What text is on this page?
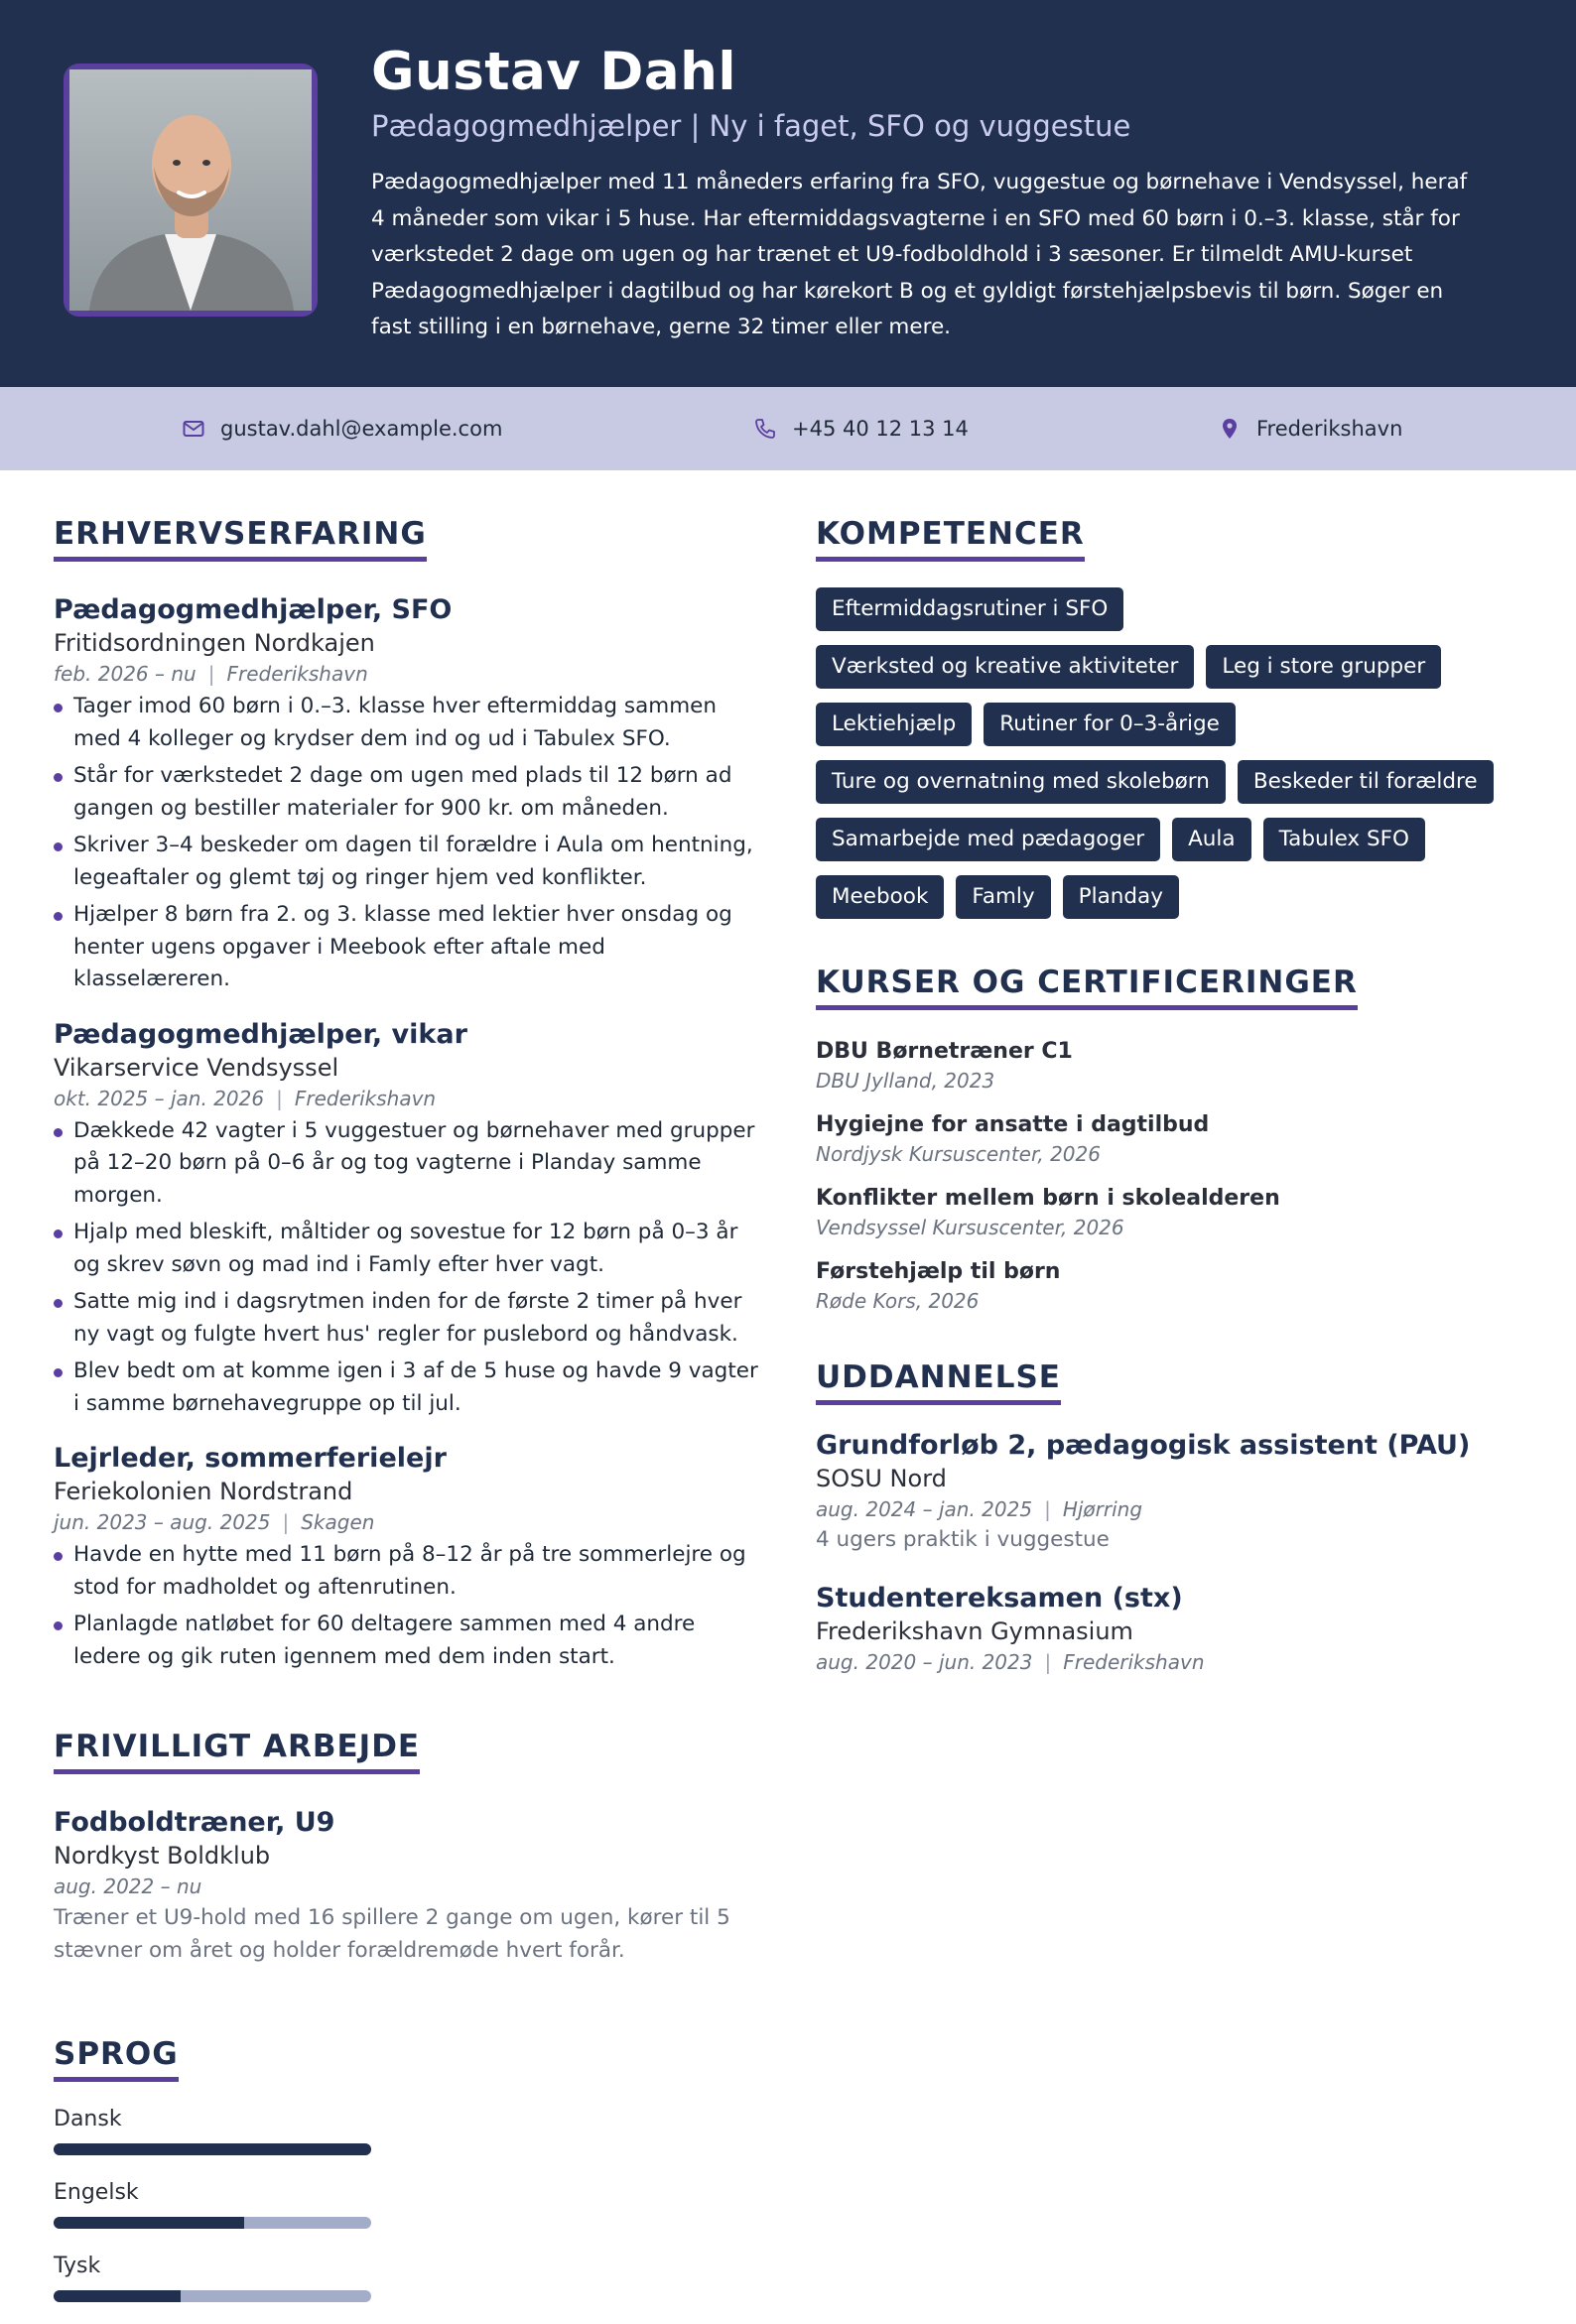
Gustav Dahl
Pædagogmedhjælper | Ny i faget, SFO og vuggestue
Pædagogmedhjælper med 11 måneders erfaring fra SFO, vuggestue og børnehave i Vendsyssel, heraf 4 måneder som vikar i 5 huse. Har eftermiddagsvagterne i en SFO med 60 børn i 0.–3. klasse, står for værkstedet 2 dage om ugen og har trænet et U9-fodboldhold i 3 sæsoner. Er tilmeldt AMU-kurset Pædagogmedhjælper i dagtilbud og har kørekort B og et gyldigt førstehjælpsbevis til børn. Søger en fast stilling i en børnehave, gerne 32 timer eller mere.
gustav.dahl@example.com	+45 40 12 13 14	Frederikshavn
ERHVERVSERFARING
Pædagogmedhjælper, SFO
Fritidsordningen Nordkajen
feb. 2026 – nu | Frederikshavn
Tager imod 60 børn i 0.–3. klasse hver eftermiddag sammen med 4 kolleger og krydser dem ind og ud i Tabulex SFO.
Står for værkstedet 2 dage om ugen med plads til 12 børn ad gangen og bestiller materialer for 900 kr. om måneden.
Skriver 3–4 beskeder om dagen til forældre i Aula om hentning, legeaftaler og glemt tøj og ringer hjem ved konflikter.
Hjælper 8 børn fra 2. og 3. klasse med lektier hver onsdag og henter ugens opgaver i Meebook efter aftale med klasselæreren.
Pædagogmedhjælper, vikar
Vikarservice Vendsyssel
okt. 2025 – jan. 2026 | Frederikshavn
Dækkede 42 vagter i 5 vuggestuer og børnehaver med grupper på 12–20 børn på 0–6 år og tog vagterne i Planday samme morgen.
Hjalp med bleskift, måltider og sovestue for 12 børn på 0–3 år og skrev søvn og mad ind i Famly efter hver vagt.
Satte mig ind i dagsrytmen inden for de første 2 timer på hver ny vagt og fulgte hvert hus' regler for puslebord og håndvask.
Blev bedt om at komme igen i 3 af de 5 huse og havde 9 vagter i samme børnehavegruppe op til jul.
Lejrleder, sommerferielejr
Feriekolonien Nordstrand
jun. 2023 – aug. 2025 | Skagen
Havde en hytte med 11 børn på 8–12 år på tre sommerlejre og stod for madholdet og aftenrutinen.
Planlagde natløbet for 60 deltagere sammen med 4 andre ledere og gik ruten igennem med dem inden start.
FRIVILLIGT ARBEJDE
Fodboldtræner, U9
Nordkyst Boldklub
aug. 2022 – nu
Træner et U9-hold med 16 spillere 2 gange om ugen, kører til 5 stævner om året og holder forældremøde hvert forår.
SPROG
Dansk
Engelsk
Tysk
KOMPETENCER
Eftermiddagsrutiner i SFO
Værksted og kreative aktiviteter	Leg i store grupper
Lektiehjælp	Rutiner for 0–3-årige
Ture og overnatning med skolebørn	Beskeder til forældre
Samarbejde med pædagoger	Aula	Tabulex SFO
Meebook	Famly	Planday
KURSER OG CERTIFICERINGER
DBU Børnetræner C1
DBU Jylland, 2023
Hygiejne for ansatte i dagtilbud
Nordjysk Kursuscenter, 2026
Konflikter mellem børn i skolealderen
Vendsyssel Kursuscenter, 2026
Førstehjælp til børn
Røde Kors, 2026
UDDANNELSE
Grundforløb 2, pædagogisk assistent (PAU)
SOSU Nord
aug. 2024 – jan. 2025 | Hjørring
4 ugers praktik i vuggestue
Studentereksamen (stx)
Frederikshavn Gymnasium
aug. 2020 – jun. 2023 | Frederikshavn
